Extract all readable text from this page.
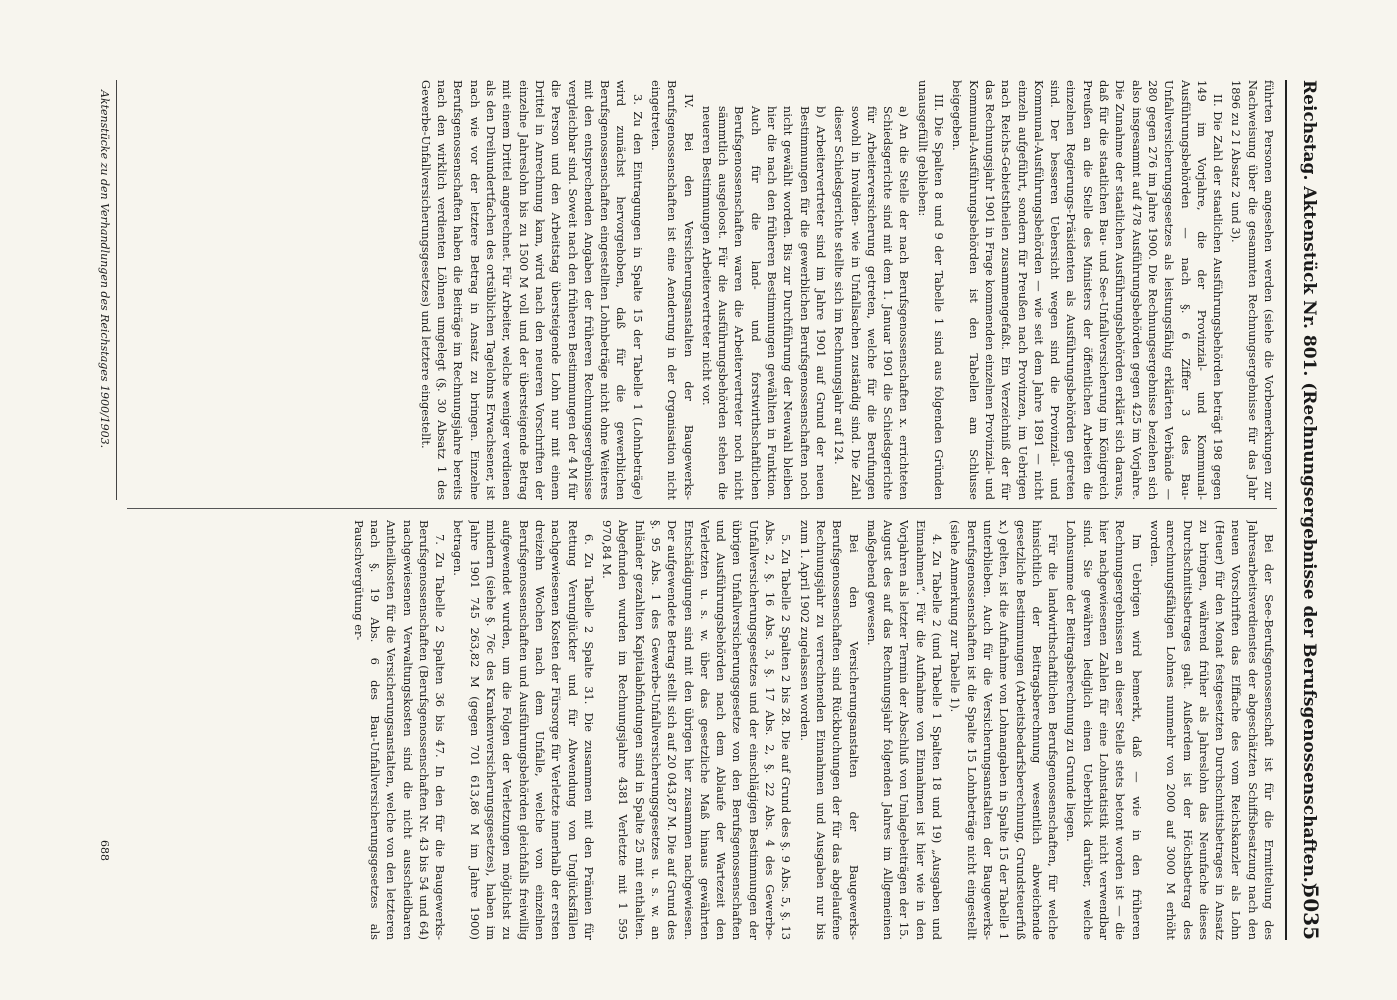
Reichstag. Aktenstück Nr. 801. (Rechnungsergebnisse der Berufsgenossenschaften.)
5035

führten Personen angesehen werden (siehe die Vorbemerkungen zur Nachweisung über die gesammten Rechnungsergebnisse für das Jahr 1896 zu 2 I Absatz 2 und 3).

II. Die Zahl der staatlichen Ausführungsbehörden beträgt 198 gegen 149 im Vorjahre, die der Provinzial- und Kommunal-Ausführungsbehörden — nach §. 6 Ziffer 3 des Bau-Unfallversicherungsgesetzes als leistungsfähig erklärten Verbände — 280 gegen 276 im Jahre 1900. Die Rechnungsergebnisse beziehen sich also insgesammt auf 478 Ausführungsbehörden gegen 425 im Vorjahre. Die Zunahme der staatlichen Ausführungsbehörden erklärt sich daraus, daß für die staatlichen Bau- und See-Unfallversicherung im Königreich Preußen an die Stelle des Ministers der öffentlichen Arbeiten die einzelnen Regierungs-Präsidenten als Ausführungsbehörden getreten sind. Der besseren Uebersicht wegen sind die Provinzial- und Kommunal-Ausführungsbehörden — wie seit dem Jahre 1891 — nicht einzeln aufgeführt, sondern für Preußen nach Provinzen, im Uebrigen nach Reichs-Gebietstheilen zusammengefaßt. Ein Verzeichniß der für das Rechnungsjahr 1901 in Frage kommenden einzelnen Provinzial- und Kommunal-Ausführungsbehörden ist den Tabellen am Schlusse beigegeben.

III. Die Spalten 8 und 9 der Tabelle 1 sind aus folgenden Gründen unausgefüllt geblieben:

a) An die Stelle der nach Berufsgenossenschaften x. errichteten Schiedsgerichte sind mit dem 1. Januar 1901 die Schiedsgerichte für Arbeiterversicherung getreten, welche für die Berufungen sowohl in Invaliden- wie in Unfallsachen zuständig sind. Die Zahl dieser Schiedsgerichte stellte sich im Rechnungsjahr auf 124.

b) Arbeitervertreter sind im Jahre 1901 auf Grund der neuen Bestimmungen für die gewerblichen Berufsgenossenschaften noch nicht gewählt worden. Bis zur Durchführung der Neuwahl bleiben hier die nach den früheren Bestimmungen gewählten in Funktion. Auch für die land- und forstwirthschaftlichen Berufsgenossenschaften waren die Arbeitervertreter noch nicht sämmtlich ausgeloost. Für die Ausführungsbehörden stehen die neueren Bestimmungen Arbeitervertreter nicht vor.

IV. Bei den Versicherungsanstalten der Baugewerks-Berufsgenossenschaften ist eine Aenderung in der Organisation nicht eingetreten.

3. Zu den Eintragungen in Spalte 15 der Tabelle 1 (Lohnbeträge) wird zunächst hervorgehoben, daß für die gewerblichen Berufsgenossenschaften eingestellten Lohnbeträge nicht ohne Weiteres mit den entsprechenden Angaben der früheren Rechnungsergebnisse vergleichbar sind. Soweit nach den früheren Bestimmungen der 4 M für die Person und den Arbeitstag übersteigende Lohn nur mit einem Drittel in Anrechnung kam, wird nach den neueren Vorschriften der einzelne Jahreslohn bis zu 1500 M voll und der übersteigende Betrag mit einem Drittel angerechnet. Für Arbeiter, welche weniger verdienen als den Dreihundertfachen des ortsüblichen Tagelohns Erwachsener, ist nach wie vor der letztere Betrag in Ansatz zu bringen. Einzelne Berufsgenossenschaften haben die Beiträge im Rechnungsjahre bereits nach den wirklich verdienten Löhnen umgelegt (§. 30 Absatz 1 des Gewerbe-Unfallversicherungsgesetzes) und letztere eingestellt.

Bei der See-Berufsgenossenschaft ist für die Ermittelung des Jahresarbeitsverdienstes der abgeschätzten Schiffsbesatzung nach den neuen Vorschriften das Elffache des vom Reichskanzler als Lohn (Heuer) für den Monat festgesetzten Durchschnittsbetrages in Ansatz zu bringen, während früher als Jahreslohn das Neunfache dieses Durchschnittsbetrages galt. Außerdem ist der Höchstbetrag des anrechnungsfähigen Lohnes nunmehr von 2000 auf 3000 M erhöht worden.

Im Uebrigen wird bemerkt, daß — wie in den früheren Rechnungsergebnissen an dieser Stelle stets betont worden ist — die hier nachgewiesenen Zahlen für eine Lohnstatistik nicht verwendbar sind. Sie gewähren lediglich einen Ueberblick darüber, welche Lohnsumme der Beitragsberechnung zu Grunde liegen.

Für die landwirthschaftlichen Berufsgenossenschaften, für welche hinsichtlich der Beitragsberechnung wesentlich abweichende gesetzliche Bestimmungen (Arbeitsbedarfsberechnung, Grundsteuerfuß x.) gelten, ist die Aufnahme von Lohnangaben in Spalte 15 der Tabelle 1 unterblieben. Auch für die Versicherungsanstalten der Baugewerks-Berufsgenossenschaften ist die Spalte 15 Lohnbeträge nicht eingestellt (siehe Anmerkung zur Tabelle 1).

4. Zu Tabelle 2 (und Tabelle 1 Spalten 18 und 19) „Ausgaben und Einnahmen“. Für die Aufnahme von Einnahmen ist hier wie in den Vorjahren als letzter Termin der Abschluß von Umlagebeiträgen der 15. August des auf das Rechnungsjahr folgenden Jahres im Allgemeinen maßgebend gewesen.

Bei den Versicherungsanstalten der Baugewerks-Berufsgenossenschaften sind Rückbuchungen der für das abgelaufene Rechnungsjahr zu verrechnenden Einnahmen und Ausgaben nur bis zum 1. April 1902 zugelassen worden.

5. Zu Tabelle 2 Spalten 2 bis 28. Die auf Grund des §. 9 Abs. 5, §. 13 Abs. 2, §. 16 Abs. 3, §. 17 Abs. 2, §. 22 Abs. 4 des Gewerbe-Unfallversicherungsgesetzes und der einschlägigen Bestimmungen der übrigen Unfallversicherungsgesetze von den Berufsgenossenschaften und Ausführungsbehörden nach dem Ablaufe der Wartezeit den Verletzten u. s. w. über das gesetzliche Maß hinaus gewährten Entschädigungen sind mit den übrigen hier zusammen nachgewiesen. Der aufgewendete Betrag stellt sich auf 20 043,87 M. Die auf Grund des §. 95 Abs. 1 des Gewerbe-Unfallversicherungsgesetzes u. s. w. an Inländer gezahlten Kapitalabfindungen sind in Spalte 25 mit enthalten. Abgefunden wurden im Rechnungsjahre 4381 Verletzte mit 1 595 970,84 M.

6. Zu Tabelle 2 Spalte 31. Die zusammen mit den Prämien für Rettung Verunglückter und für Abwendung von Unglücksfällen nachgewiesenen Kosten der Fürsorge für Verletzte innerhalb der ersten dreizehn Wochen nach dem Unfalle, welche von einzelnen Berufsgenossenschaften und Ausführungsbehörden gleichfalls freiwillig aufgewendet wurden, um die Folgen der Verletzungen möglichst zu mindern (siehe §. 76c des Krankenversicherungsgesetzes), haben im Jahre 1901 745 263,82 M (gegen 701 613,86 M im Jahre 1900) betragen.

7. Zu Tabelle 2 Spalten 36 bis 47. In den für die Baugewerks-Berufsgenossenschaften (Berufsgenossenschaften Nr. 43 bis 54 und 64) nachgewiesenen Verwaltungskosten sind die nicht ausscheidbaren Antheilkosten für die Versicherungsanstalten, welche von den letzteren nach §. 19 Abs. 6 des Bau-Unfallversicherungsgesetzes als Pauschvergütung er-

Aktenstücke zu den Verhandlungen des Reichstages 1900/1903.
688
